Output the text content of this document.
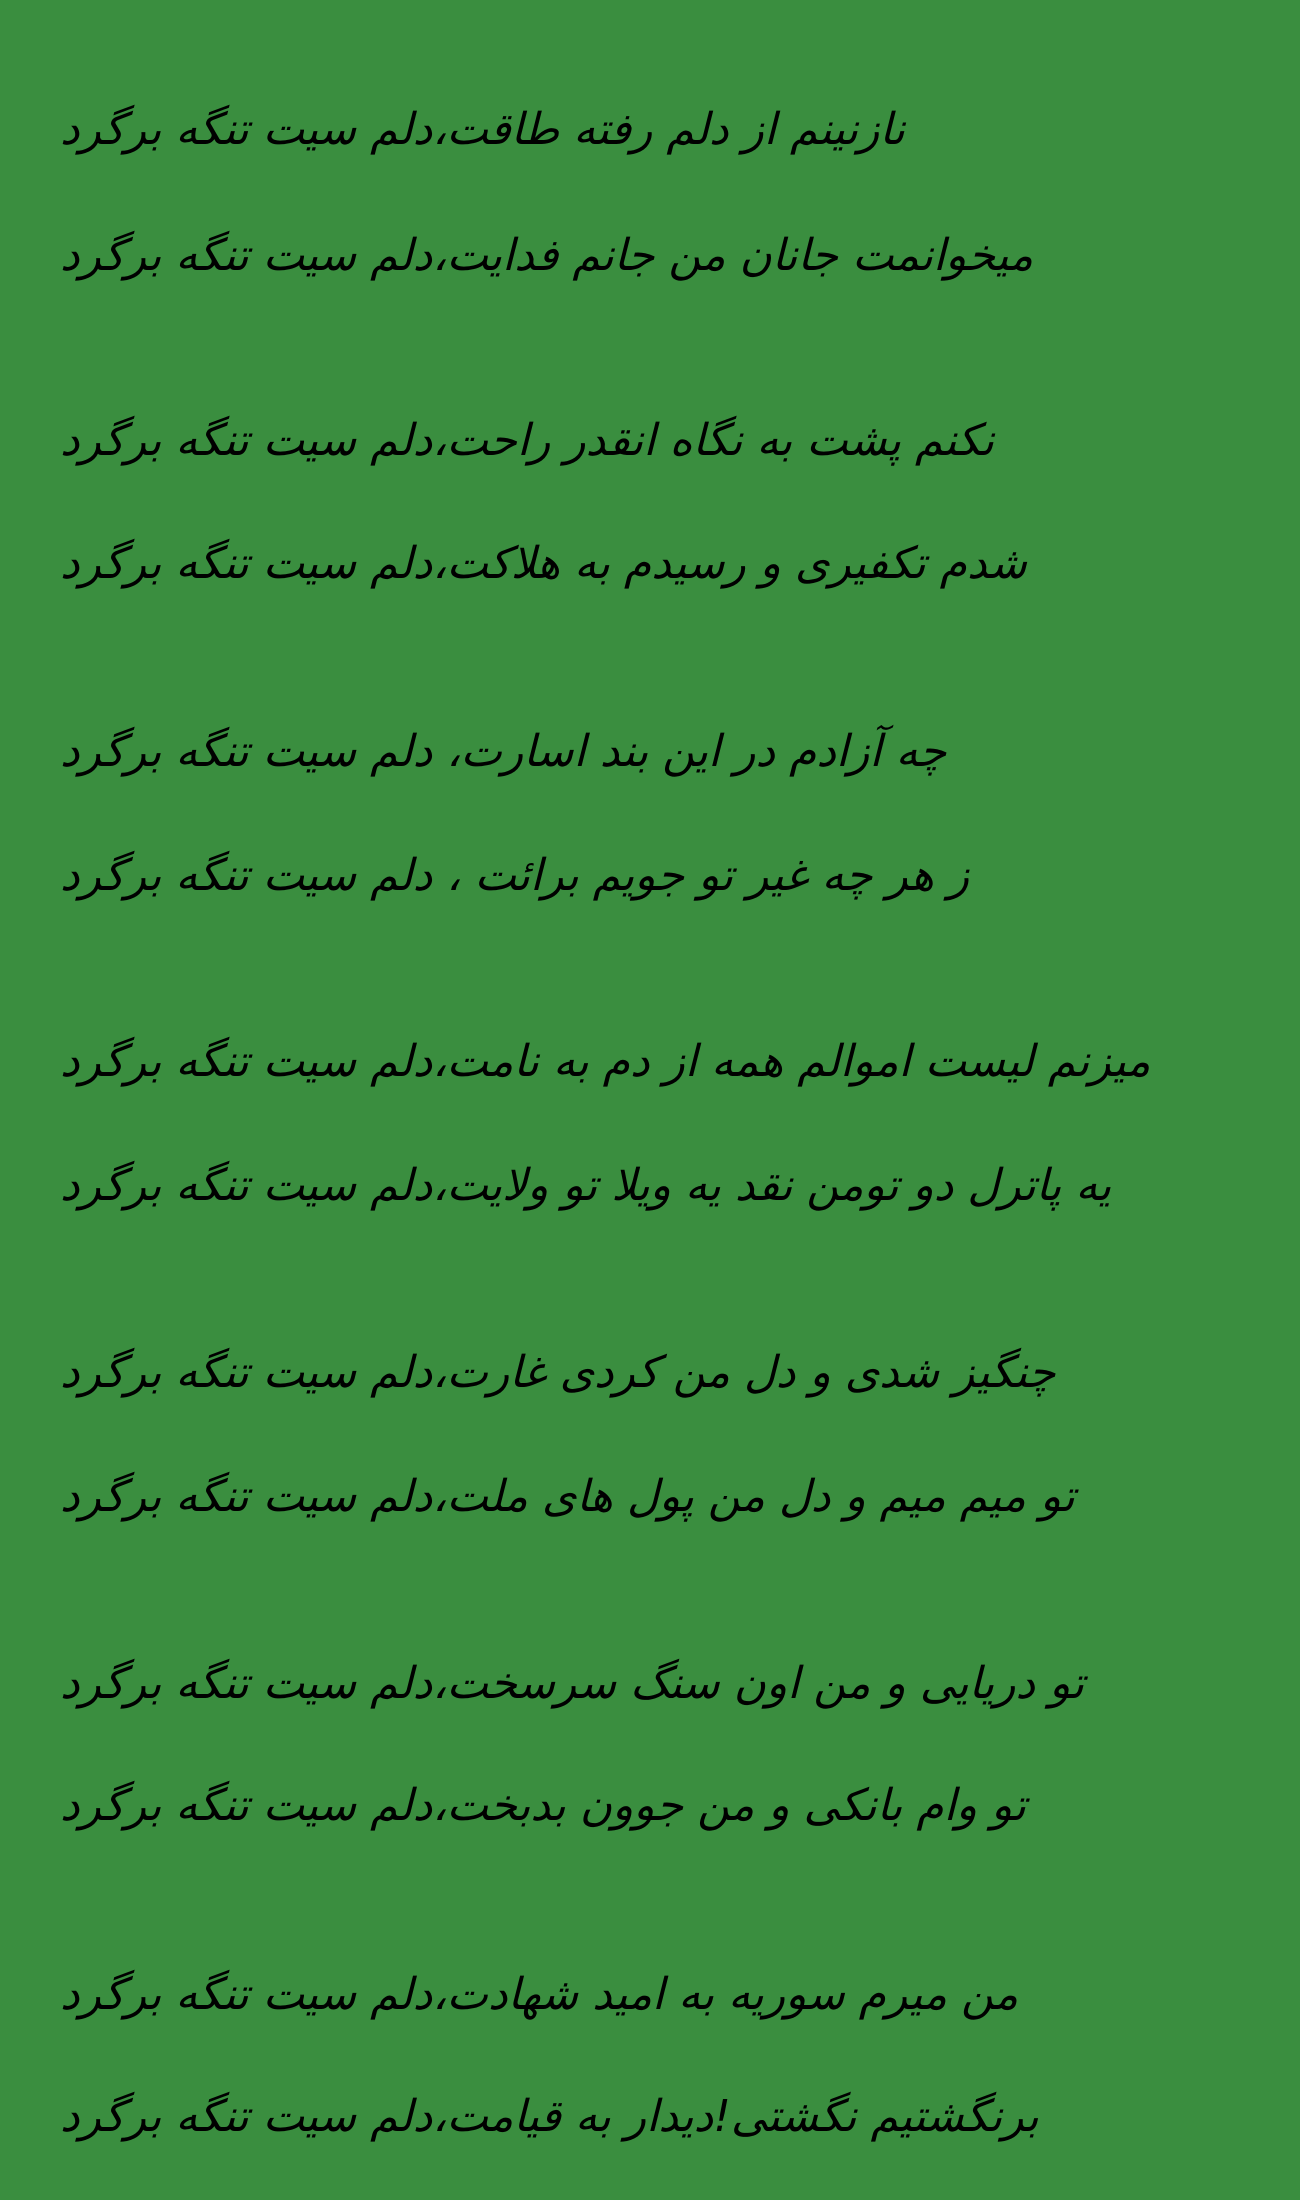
نازنینم از دلم رفته طاقت،دلم سیت تنگه برگرد
میخوانمت جانان من جانم فدایت،دلم سیت تنگه برگرد
نکنم پشت به نگاه انقدر راحت،دلم سیت تنگه برگرد
شدم تکفیری و رسیدم به هلاکت،دلم سیت تنگه برگرد
چه آزادم در این بند اسارت، دلم سیت تنگه برگرد
ز هر چه غیر تو جویم برائت ، دلم سیت تنگه برگرد
میزنم لیست اموالم همه از دم به نامت،دلم سیت تنگه برگرد
یه پاترل دو تومن نقد یه ویلا تو ولایت،دلم سیت تنگه برگرد
چنگیز شدی و دل من کردی غارت،دلم سیت تنگه برگرد
تو میم میم و دل من پول های ملت،دلم سیت تنگه برگرد
تو دریایی و من اون سنگ سرسخت،دلم سیت تنگه برگرد
تو وام بانکی و من جوون بدبخت،دلم سیت تنگه برگرد
من میرم سوریه به امید شهادت،دلم سیت تنگه برگرد
برنگشتیم نگشتی!دیدار به قیامت،دلم سیت تنگه برگرد
